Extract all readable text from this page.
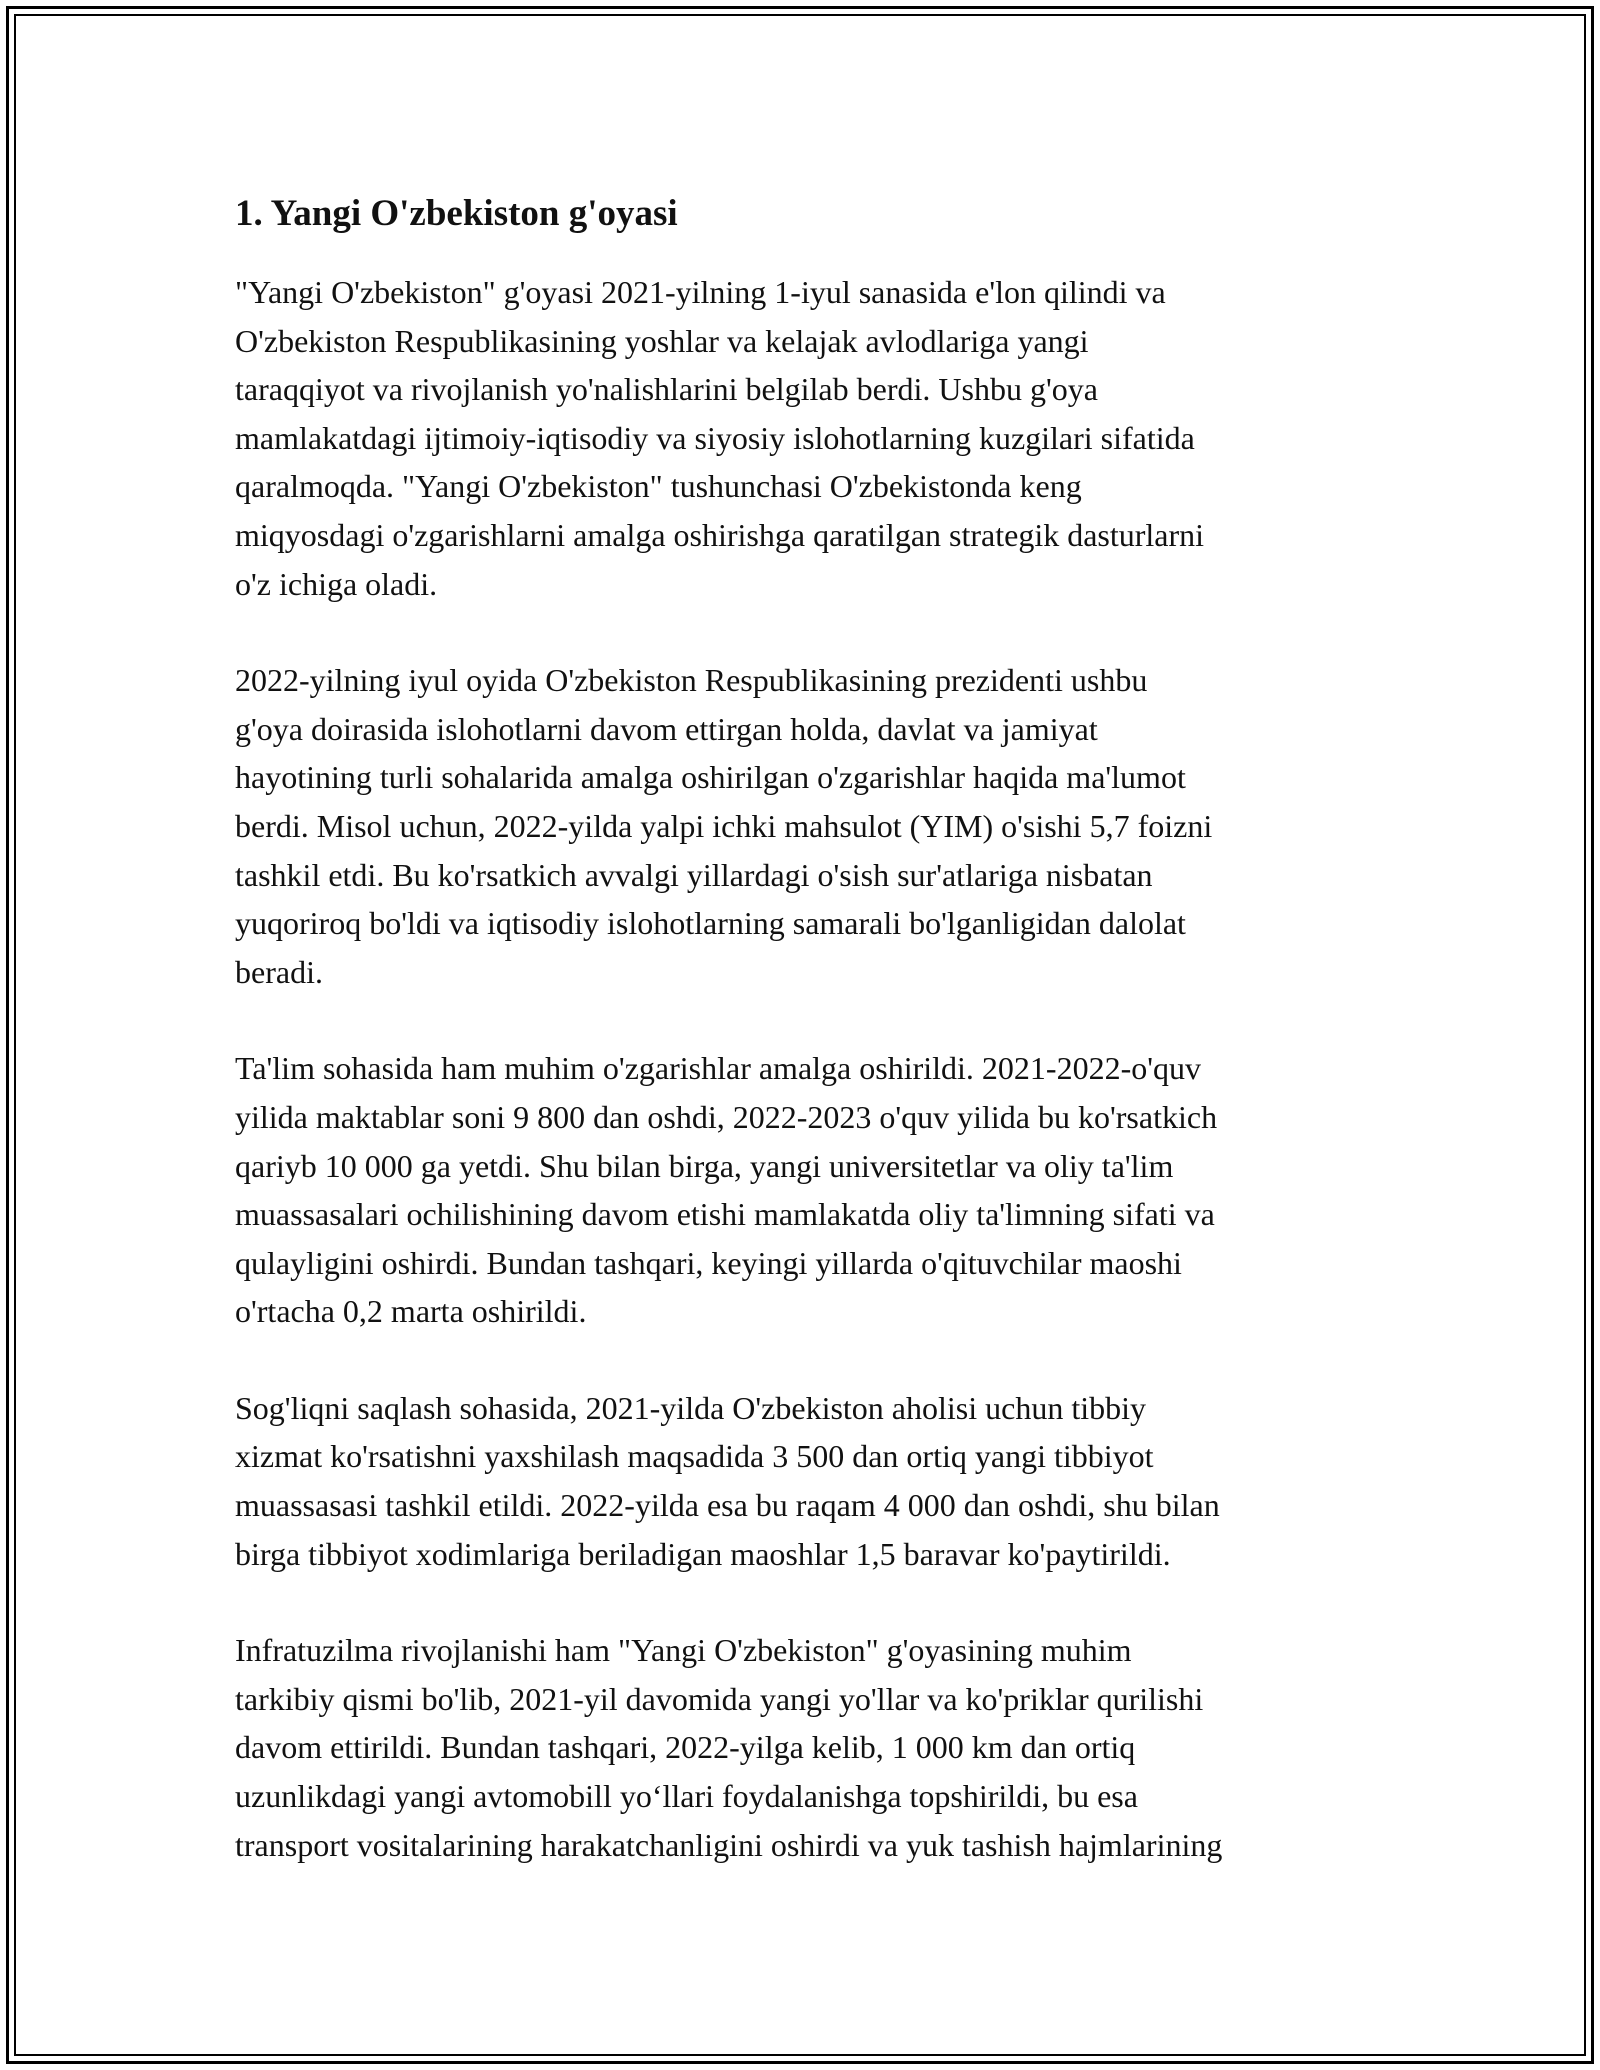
1. Yangi O'zbekiston g'oyasi

"Yangi O'zbekiston" g'oyasi 2021-yilning 1-iyul sanasida e'lon qilindi va
O'zbekiston Respublikasining yoshlar va kelajak avlodlariga yangi
taraqqiyot va rivojlanish yo'nalishlarini belgilab berdi. Ushbu g'oya
mamlakatdagi ijtimoiy-iqtisodiy va siyosiy islohotlarning kuzgilari sifatida
qaralmoqda. "Yangi O'zbekiston" tushunchasi O'zbekistonda keng
miqyosdagi o'zgarishlarni amalga oshirishga qaratilgan strategik dasturlarni
o'z ichiga oladi.

2022-yilning iyul oyida O'zbekiston Respublikasining prezidenti ushbu
g'oya doirasida islohotlarni davom ettirgan holda, davlat va jamiyat
hayotining turli sohalarida amalga oshirilgan o'zgarishlar haqida ma'lumot
berdi. Misol uchun, 2022-yilda yalpi ichki mahsulot (YIM) o'sishi 5,7 foizni
tashkil etdi. Bu ko'rsatkich avvalgi yillardagi o'sish sur'atlariga nisbatan
yuqoriroq bo'ldi va iqtisodiy islohotlarning samarali bo'lganligidan dalolat
beradi.

Ta'lim sohasida ham muhim o'zgarishlar amalga oshirildi. 2021-2022-o'quv
yilida maktablar soni 9 800 dan oshdi, 2022-2023 o'quv yilida bu ko'rsatkich
qariyb 10 000 ga yetdi. Shu bilan birga, yangi universitetlar va oliy ta'lim
muassasalari ochilishining davom etishi mamlakatda oliy ta'limning sifati va
qulayligini oshirdi. Bundan tashqari, keyingi yillarda o'qituvchilar maoshi
o'rtacha 0,2 marta oshirildi.

Sog'liqni saqlash sohasida, 2021-yilda O'zbekiston aholisi uchun tibbiy
xizmat ko'rsatishni yaxshilash maqsadida 3 500 dan ortiq yangi tibbiyot
muassasasi tashkil etildi. 2022-yilda esa bu raqam 4 000 dan oshdi, shu bilan
birga tibbiyot xodimlariga beriladigan maoshlar 1,5 baravar ko'paytirildi.

Infratuzilma rivojlanishi ham "Yangi O'zbekiston" g'oyasining muhim
tarkibiy qismi bo'lib, 2021-yil davomida yangi yo'llar va ko'priklar qurilishi
davom ettirildi. Bundan tashqari, 2022-yilga kelib, 1 000 km dan ortiq
uzunlikdagi yangi avtomobill yo‘llari foydalanishga topshirildi, bu esa
transport vositalarining harakatchanligini oshirdi va yuk tashish hajmlarining
